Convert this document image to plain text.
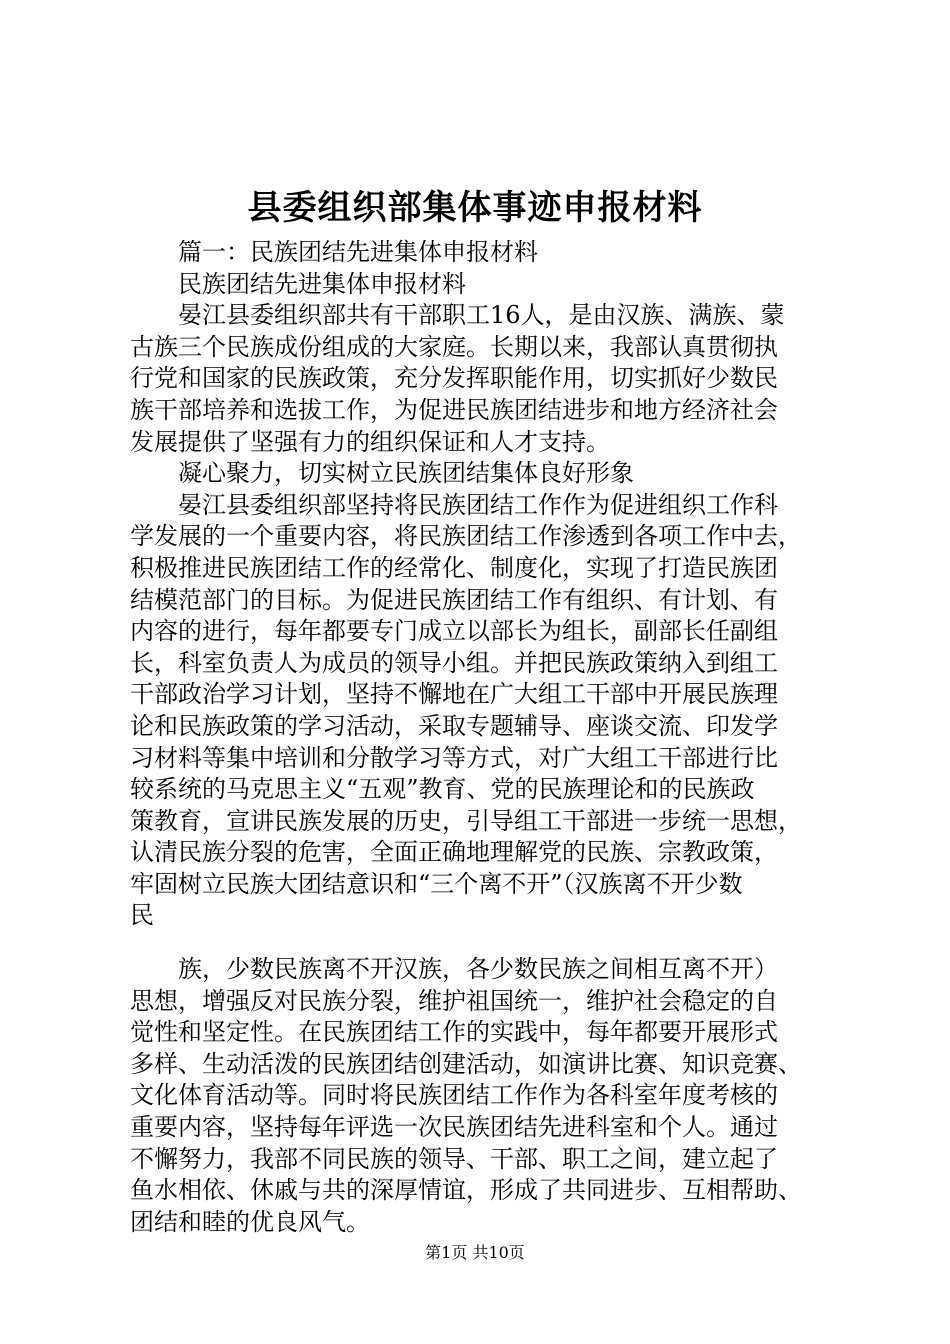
县委组织部集体事迹申报材料
　　篇一：民族团结先进集体申报材料
　　民族团结先进集体申报材料
　　晏江县委组织部共有干部职工16人，是由汉族、满族、蒙
古族三个民族成份组成的大家庭。长期以来，我部认真贯彻执
行党和国家的民族政策，充分发挥职能作用，切实抓好少数民
族干部培养和选拔工作，为促进民族团结进步和地方经济社会
发展提供了坚强有力的组织保证和人才支持。
　　凝心聚力，切实树立民族团结集体良好形象
　　晏江县委组织部坚持将民族团结工作作为促进组织工作科
学发展的一个重要内容，将民族团结工作渗透到各项工作中去，
积极推进民族团结工作的经常化、制度化，实现了打造民族团
结模范部门的目标。为促进民族团结工作有组织、有计划、有
内容的进行，每年都要专门成立以部长为组长，副部长任副组
长，科室负责人为成员的领导小组。并把民族政策纳入到组工
干部政治学习计划，坚持不懈地在广大组工干部中开展民族理
论和民族政策的学习活动，采取专题辅导、座谈交流、印发学
习材料等集中培训和分散学习等方式，对广大组工干部进行比
较系统的马克思主义“五观”教育、党的民族理论和的民族政
策教育，宣讲民族发展的历史，引导组工干部进一步统一思想，
认清民族分裂的危害，全面正确地理解党的民族、宗教政策，
牢固树立民族大团结意识和“三个离不开”（汉族离不开少数
民
　　族，少数民族离不开汉族，各少数民族之间相互离不开）
思想，增强反对民族分裂，维护祖国统一，维护社会稳定的自
觉性和坚定性。在民族团结工作的实践中，每年都要开展形式
多样、生动活泼的民族团结创建活动，如演讲比赛、知识竞赛、
文化体育活动等。同时将民族团结工作作为各科室年度考核的
重要内容，坚持每年评选一次民族团结先进科室和个人。通过
不懈努力，我部不同民族的领导、干部、职工之间，建立起了
鱼水相依、休戚与共的深厚情谊，形成了共同进步、互相帮助、
团结和睦的优良风气。
第1页 共10页
